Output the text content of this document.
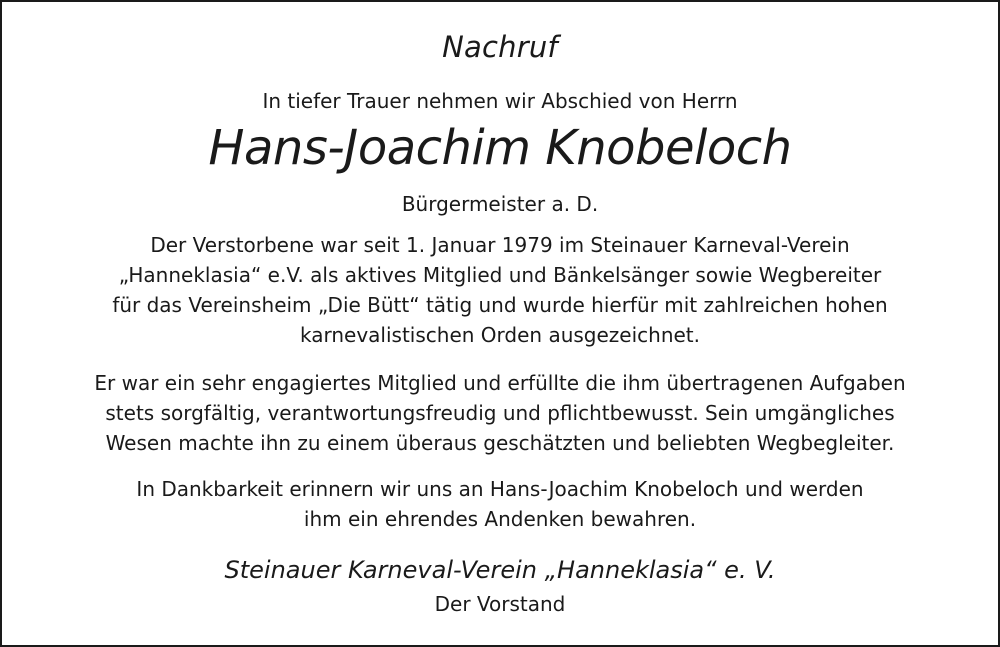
Nachruf
In tiefer Trauer nehmen wir Abschied von Herrn
Hans-Joachim Knobeloch
Bürgermeister a. D.
Der Verstorbene war seit 1. Januar 1979 im Steinauer Karneval-Verein
„Hanneklasia“ e.V. als aktives Mitglied und Bänkelsänger sowie Wegbereiter
für das Vereinsheim „Die Bütt“ tätig und wurde hierfür mit zahlreichen hohen
karnevalistischen Orden ausgezeichnet.
Er war ein sehr engagiertes Mitglied und erfüllte die ihm übertragenen Aufgaben
stets sorgfältig, verantwortungsfreudig und pflichtbewusst. Sein umgängliches
Wesen machte ihn zu einem überaus geschätzten und beliebten Wegbegleiter.
In Dankbarkeit erinnern wir uns an Hans-Joachim Knobeloch und werden
ihm ein ehrendes Andenken bewahren.
Steinauer Karneval-Verein „Hanneklasia“ e. V.
Der Vorstand
